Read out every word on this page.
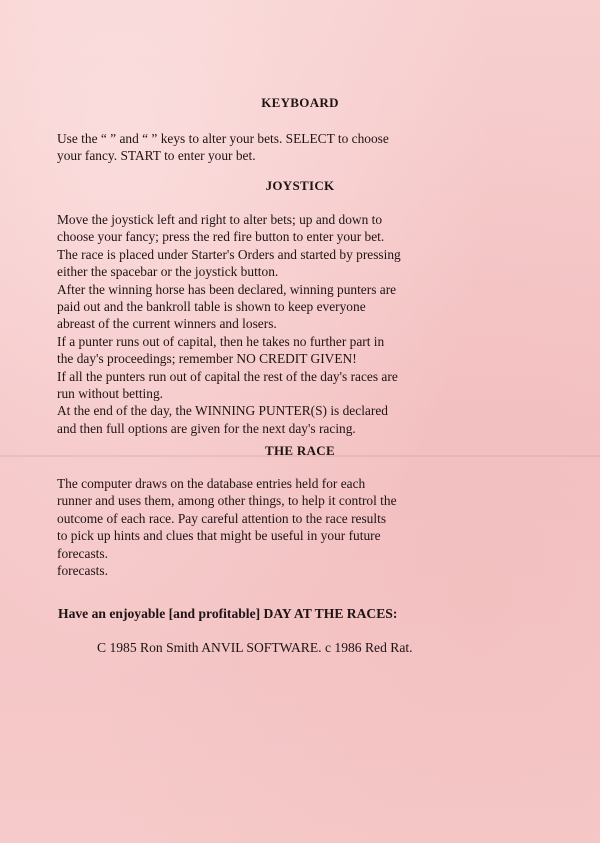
KEYBOARD
Use the “ ” and “ ” keys to alter your bets. SELECT to choose
your fancy. START to enter your bet.
JOYSTICK
Move the joystick left and right to alter bets; up and down to
choose your fancy; press the red fire button to enter your bet.
The race is placed under Starter's Orders and started by pressing
either the spacebar or the joystick button.
After the winning horse has been declared, winning punters are
paid out and the bankroll table is shown to keep everyone
abreast of the current winners and losers.
If a punter runs out of capital, then he takes no further part in
the day's proceedings; remember NO CREDIT GIVEN!
If all the punters run out of capital the rest of the day's races are
run without betting.
At the end of the day, the WINNING PUNTER(S) is declared
and then full options are given for the next day's racing.
THE RACE
The computer draws on the database entries held for each
runner and uses them, among other things, to help it control the
outcome of each race. Pay careful attention to the race results
to pick up hints and clues that might be useful in your future
forecasts.
forecasts.
Have an enjoyable [and profitable] DAY AT THE RACES:
C 1985 Ron Smith ANVIL SOFTWARE. c 1986 Red Rat.
